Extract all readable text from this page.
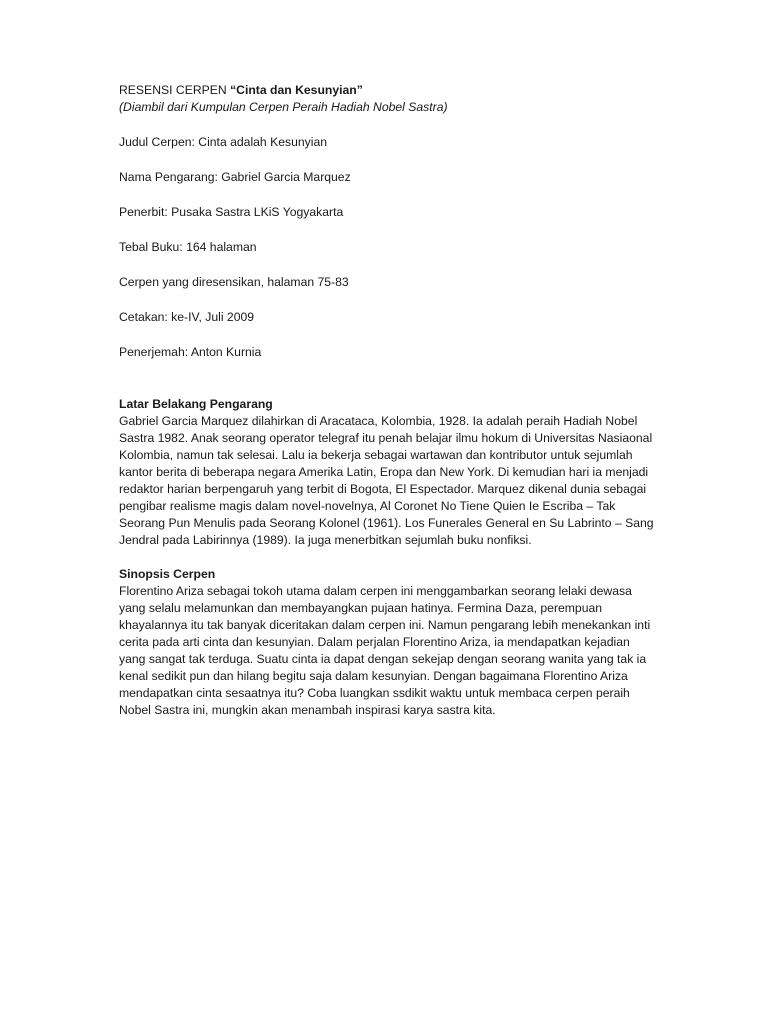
RESENSI CERPEN “Cinta dan Kesunyian”

(Diambil dari Kumpulan Cerpen Peraih Hadiah Nobel Sastra)

Judul Cerpen: Cinta adalah Kesunyian

Nama Pengarang: Gabriel Garcia Marquez

Penerbit: Pusaka Sastra LKiS Yogyakarta

Tebal Buku: 164 halaman

Cerpen yang diresensikan, halaman 75-83

Cetakan: ke-IV, Juli 2009

Penerjemah: Anton Kurnia

Latar Belakang Pengarang

Gabriel Garcia Marquez dilahirkan di Aracataca, Kolombia, 1928. Ia adalah peraih Hadiah Nobel Sastra 1982. Anak seorang operator telegraf itu penah belajar ilmu hokum di Universitas Nasiaonal Kolombia, namun tak selesai. Lalu ia bekerja sebagai wartawan dan kontributor untuk sejumlah kantor berita di beberapa negara Amerika Latin, Eropa dan New York. Di kemudian hari ia menjadi redaktor harian berpengaruh yang terbit di Bogota, El Espectador. Marquez dikenal dunia sebagai pengibar realisme magis dalam novel-novelnya, Al Coronet No Tiene Quien Ie Escriba – Tak Seorang Pun Menulis pada Seorang Kolonel (1961). Los Funerales General en Su Labrinto – Sang Jendral pada Labirinnya (1989). Ia juga menerbitkan sejumlah buku nonfiksi.

Sinopsis Cerpen

Florentino Ariza sebagai tokoh utama dalam cerpen ini menggambarkan seorang lelaki dewasa yang selalu melamunkan dan membayangkan pujaan hatinya. Fermina Daza, perempuan khayalannya itu tak banyak diceritakan dalam cerpen ini. Namun pengarang lebih menekankan inti cerita pada arti cinta dan kesunyian. Dalam perjalan Florentino Ariza, ia mendapatkan kejadian yang sangat tak terduga. Suatu cinta ia dapat dengan sekejap dengan seorang wanita yang tak ia kenal sedikit pun dan hilang begitu saja dalam kesunyian. Dengan bagaimana Florentino Ariza mendapatkan cinta sesaatnya itu? Coba luangkan ssdikit waktu untuk membaca cerpen peraih Nobel Sastra ini, mungkin akan menambah inspirasi karya sastra kita.
